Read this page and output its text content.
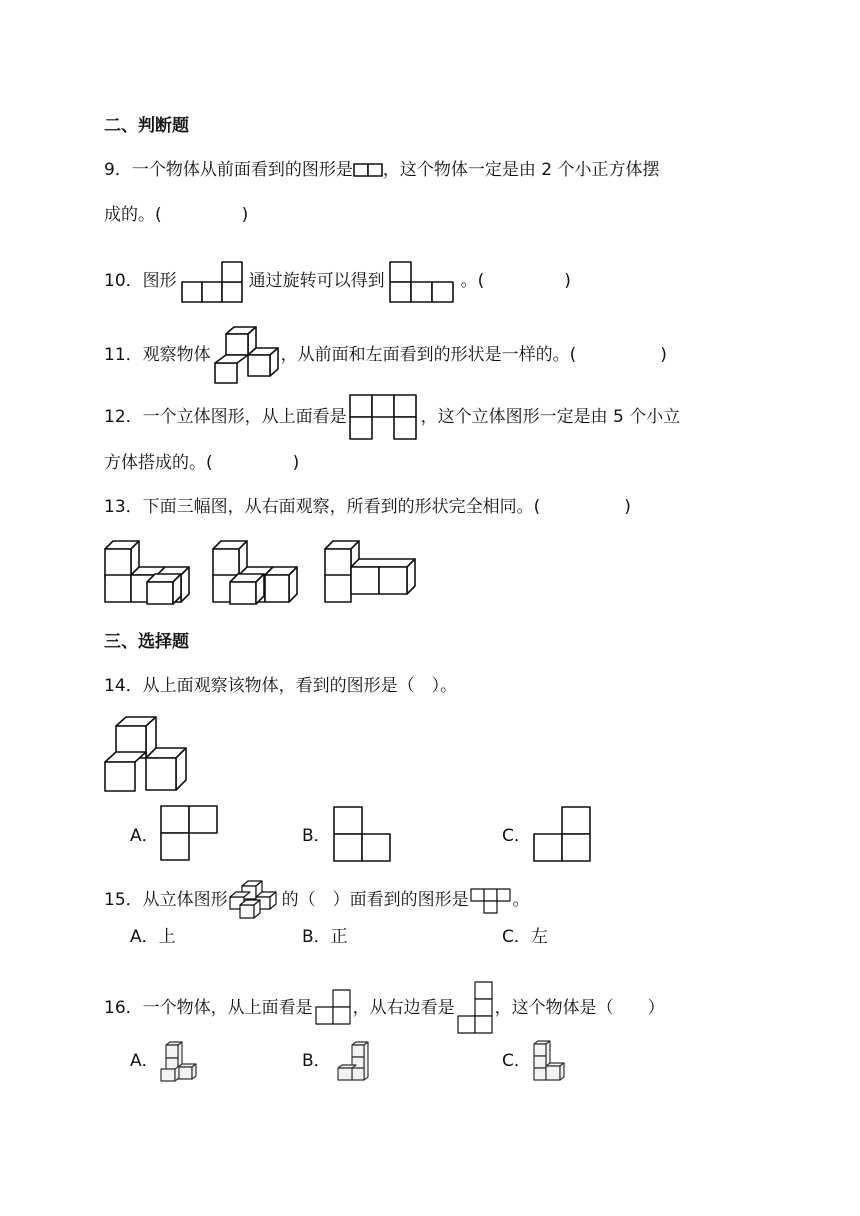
二、判断题
9．一个物体从前面看到的图形是 ，这个物体一定是由 2 个小正方体摆
成的。(	)
10．图形	通过旋转可以得到	。(	)
11．观察物体	，从前面和左面看到的形状是一样的。(	)
12．一个立体图形，从上面看是	，这个立体图形一定是由 5 个小立
方体搭成的。(	)
13．下面三幅图，从右面观察，所看到的形状完全相同。(	)
三、选择题
14．从上面观察该物体，看到的图形是（　）。
A．	B．	C．
15．从立体图形	的（　）面看到的图形是	。
A．上	B．正	C．左
16．一个物体，从上面看是 ，从右边看是 ，这个物体是（　　）
A．	B．	C．
